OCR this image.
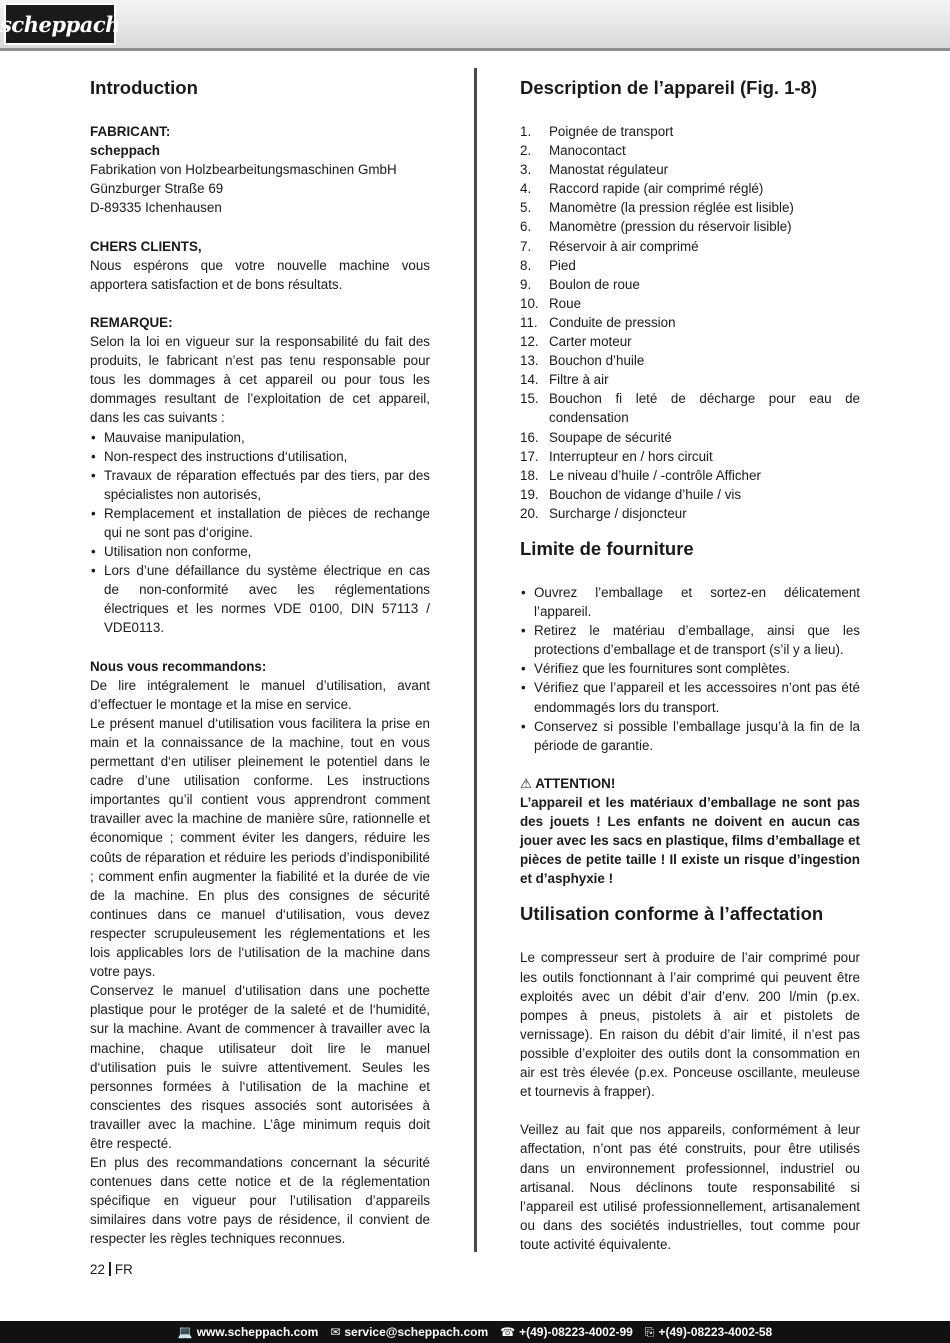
scheppach
Introduction

FABRICANT:

scheppach

Fabrikation von Holzbearbeitungsmaschinen GmbH

Günzburger Straße 69

D-89335 Ichenhausen

CHERS CLIENTS,

Nous espérons que votre nouvelle machine vous apportera satisfaction et de bons résultats.

REMARQUE:

Selon la loi en vigueur sur la responsabilité du fait des produits, le fabricant n’est pas tenu responsable pour tous les dommages à cet appareil ou pour tous les dommages resultant de l’exploitation de cet appareil, dans les cas suivants :

• Mauvaise manipulation,
• Non-respect des instructions d‘utilisation,
• Travaux de réparation effectués par des tiers, par des spécialistes non autorisés,
• Remplacement et installation de pièces de rechange qui ne sont pas d‘origine.
• Utilisation non conforme,
• Lors d’une défaillance du système électrique en cas de non-conformité avec les réglementations électriques et les normes VDE 0100, DIN 57113 / VDE0113.

Nous vous recommandons:

De lire intégralement le manuel d’utilisation, avant d’effectuer le montage et la mise en service.

Le présent manuel d‘utilisation vous facilitera la prise en main et la connaissance de la machine, tout en vous permettant d‘en utiliser pleinement le potentiel dans le cadre d’une utilisation conforme. Les instructions importantes qu’il contient vous apprendront comment travailler avec la machine de manière sûre, rationnelle et économique ; comment éviter les dangers, réduire les coûts de réparation et réduire les periods d’indisponibilité ; comment enfin augmenter la fiabilité et la durée de vie de la machine. En plus des consignes de sécurité continues dans ce manuel d‘utilisation, vous devez respecter scrupuleusement les réglementations et les lois applicables lors de l‘utilisation de la machine dans votre pays.

Conservez le manuel d‘utilisation dans une pochette plastique pour le protéger de la saleté et de l‘humidité, sur la machine. Avant de commencer à travailler avec la machine, chaque utilisateur doit lire le manuel d‘utilisation puis le suivre attentivement. Seules les personnes formées à l‘utilisation de la machine et conscientes des risques associés sont autorisées à travailler avec la machine. L’âge minimum requis doit être respecté.

En plus des recommandations concernant la sécurité contenues dans cette notice et de la réglementation spécifique en vigueur pour l’utilisation d’appareils similaires dans votre pays de résidence, il convient de respecter les règles techniques reconnues.

Description de l’appareil (Fig. 1-8)
1.	Poignée de transport
2.	Manocontact
3.	Manostat régulateur
4.	Raccord rapide (air comprimé réglé)
5.	Manomètre (la pression réglée est lisible)
6.	Manomètre (pression du réservoir lisible)
7.	Réservoir à air comprimé
8.	Pied
9.	Boulon de roue
10. Roue
11. Conduite de pression
12. Carter moteur
13. Bouchon d’huile
14. Filtre à air
15. Bouchon fi leté de décharge pour eau de condensation
16. Soupape de sécurité
17. Interrupteur en / hors circuit
18. Le niveau d’huile / -contrôle Afficher
19. Bouchon de vidange d’huile / vis
20. Surcharge / disjoncteur
Limite de fourniture
• Ouvrez l’emballage et sortez-en délicatement l’appareil.
• Retirez le matériau d’emballage, ainsi que les protections d’emballage et de transport (s’il y a lieu).
• Vérifiez que les fournitures sont complètes.
• Vérifiez que l’appareil et les accessoires n’ont pas été endommagés lors du transport.
• Conservez si possible l’emballage jusqu’à la fin de la période de garantie.

⚠ ATTENTION!

L’appareil et les matériaux d’emballage ne sont pas des jouets ! Les enfants ne doivent en aucun cas jouer avec les sacs en plastique, films d’emballage et pièces de petite taille ! Il existe un risque d’ingestion et d’asphyxie !

Utilisation conforme à l’affectation

Le compresseur sert à produire de l’air comprimé pour les outils fonctionnant à l’air comprimé qui peuvent être exploités avec un débit d’air d’env. 200 l/min (p.ex. pompes à pneus, pistolets à air et pistolets de vernissage). En raison du débit d’air limité, il n’est pas possible d’exploiter des outils dont la consommation en air est très élevée (p.ex. Ponceuse oscillante, meuleuse et tournevis à frapper).

Veillez au fait que nos appareils, conformément à leur affectation, n’ont pas été construits, pour être utilisés dans un environnement professionnel, industriel ou artisanal. Nous déclinons toute responsabilité si l’appareil est utilisé professionnellement, artisanalement ou dans des sociétés industrielles, tout comme pour toute activité équivalente.

22 FR
💻 www.scheppach.com ✉ service@scheppach.com ☎ +(49)-08223-4002-99 ⎘ +(49)-08223-4002-58
